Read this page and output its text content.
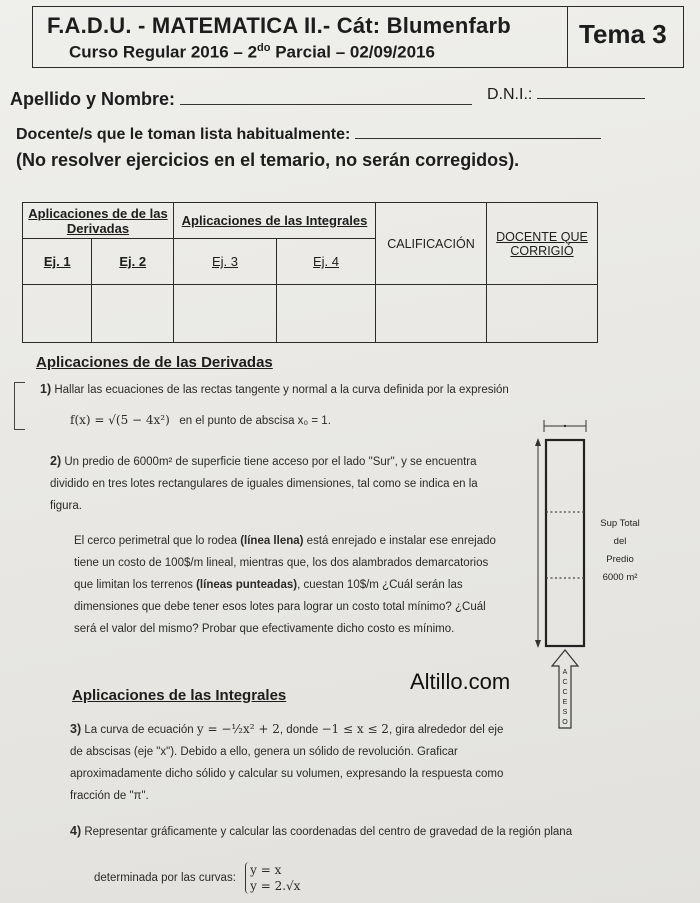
F.A.D.U. - MATEMATICA II.- Cát: Blumenfarb
Curso Regular $2016 - 2^{do}$ Parcial – 02/09/2016
Tema 3
Apellido y Nombre:	D.N.I.:
Docente/s que le toman lista habitualmente:
(No resolver ejercicios en el temario, no serán corregidos).
Aplicaciones de de las Derivadas		Aplicaciones de las Integrales		CALIFICACIÓN	DOCENTE QUE CORRIGIÓ
Ej. 1	Ej. 2	Ej. 3	Ej. 4		

Aplicaciones de de las Derivadas
1) Hallar las ecuaciones de las rectas tangente y normal a la curva definida por la expresión
f(x) = √(5 − 4x²) en el punto de abscisa x₀ = 1.
2) Un predio de 6000m² de superficie tiene acceso por el lado "Sur", y se encuentra dividido en tres lotes rectangulares de iguales dimensiones, tal como se indica en la figura.
El cerco perimetral que lo rodea (línea llena) está enrejado e instalar ese enrejado tiene un costo de 100$/m lineal, mientras que, los dos alambrados demarcatorios que limitan los terrenos (líneas punteadas), cuestan 10$/m ¿Cuál serán las dimensiones que debe tener esos lotes para lograr un costo total mínimo? ¿Cuál será el valor del mismo? Probar que efectivamente dicho costo es mínimo.
A
C
C
E
S
O
Sup Total
del
Predio
6000 m²
Altillo.com
Aplicaciones de las Integrales
3) La curva de ecuación y = −½x² + 2, donde −1 ≤ x ≤ 2, gira alrededor del eje de abscisas (eje "x"). Debido a ello, genera un sólido de revolución. Graficar aproximadamente dicho sólido y calcular su volumen, expresando la respuesta como fracción de "π".
4) Representar gráficamente y calcular las coordenadas del centro de gravedad de la región plana
determinada por las curvas:
y = x
y = 2.√x
